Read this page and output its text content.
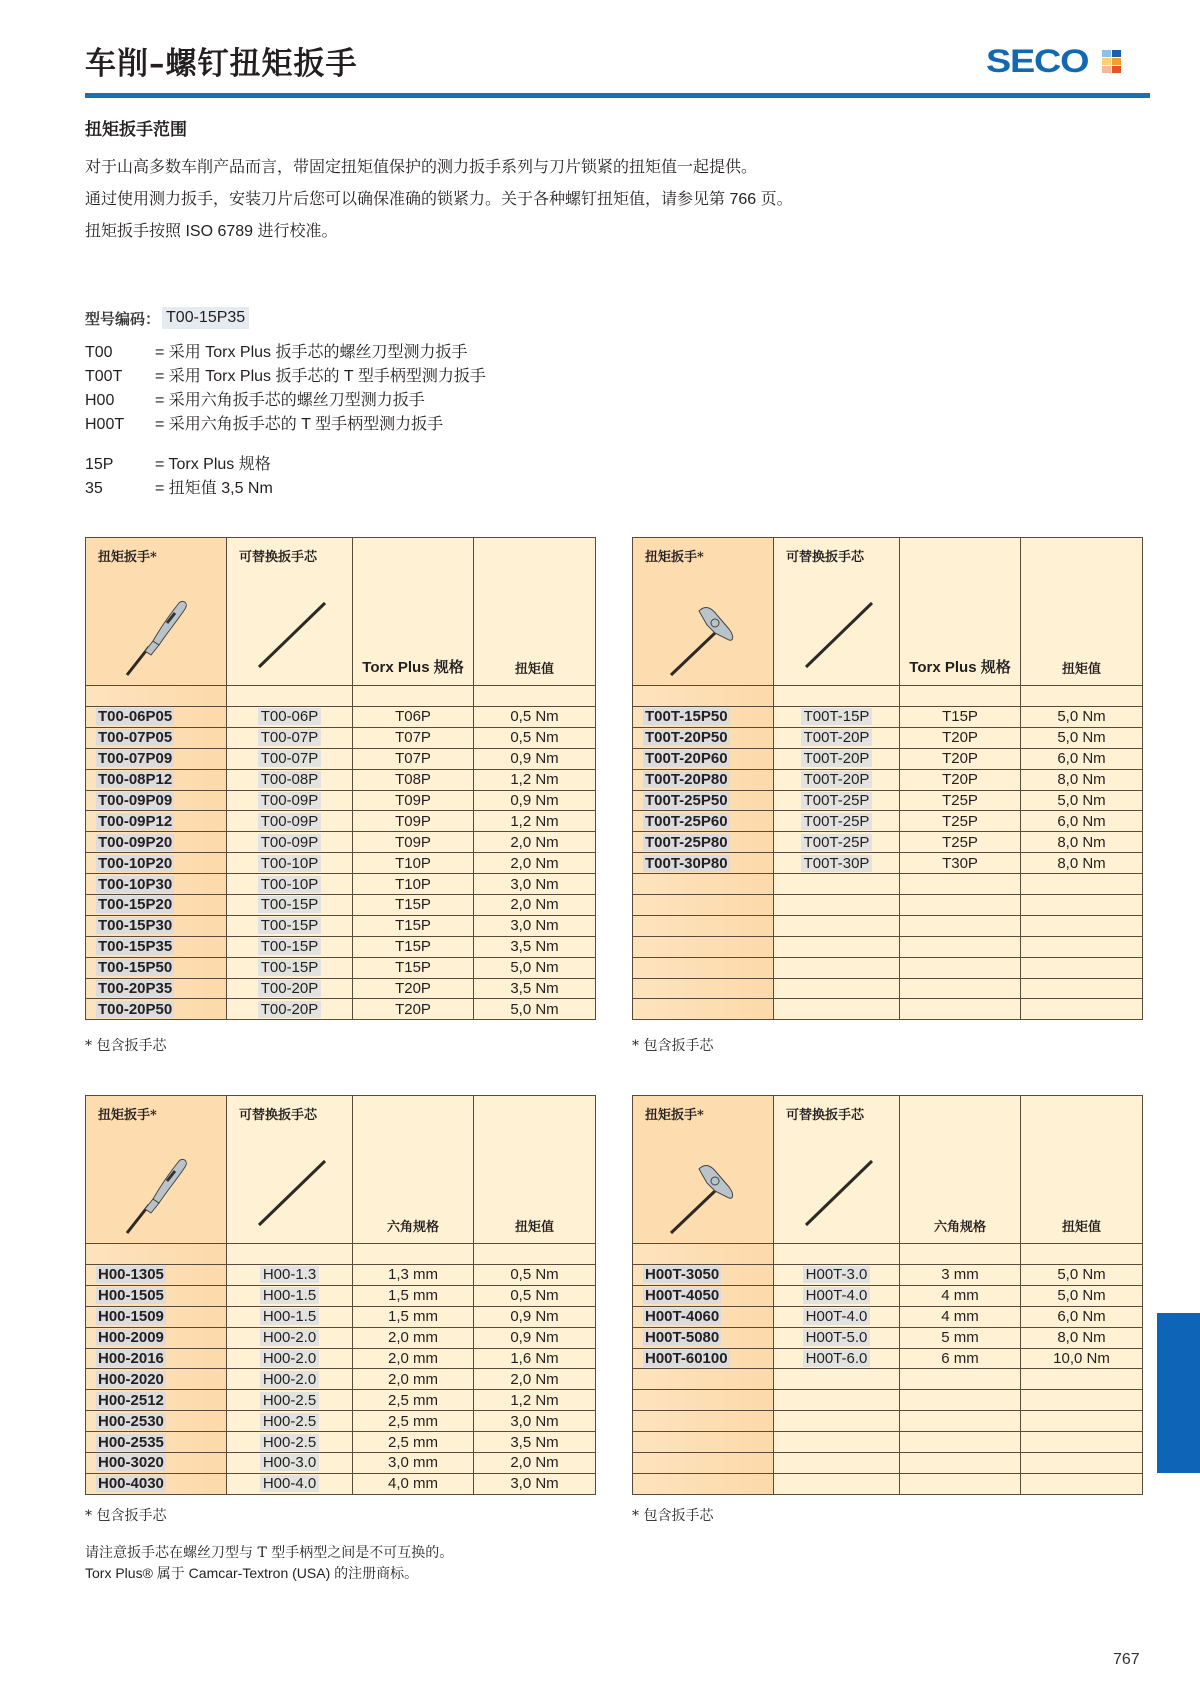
车削–螺钉扭矩扳手	SECO
扭矩扳手范围

对于山高多数车削产品而言，带固定扭矩值保护的测力扳手系列与刀片锁紧的扭矩值一起提供。

通过使用测力扳手，安装刀片后您可以确保准确的锁紧力。关于各种螺钉扭矩值，请参见第 766 页。

扭矩扳手按照 ISO 6789 进行校准。

型号编码： T00-15P35
T00	= 采用 Torx Plus 扳手芯的螺丝刀型测力扳手
T00T	= 采用 Torx Plus 扳手芯的 T 型手柄型测力扳手
H00	= 采用六角扳手芯的螺丝刀型测力扳手
H00T	= 采用六角扳手芯的 T 型手柄型测力扳手
15P	= Torx Plus 规格
35	= 扭矩值 3,5 Nm
扭矩扳手*	可替换扳手芯	Torx Plus 规格	扭矩值

T00-06P05	T00-06P	T06P	0,5 Nm
T00-07P05	T00-07P	T07P	0,5 Nm
T00-07P09	T00-07P	T07P	0,9 Nm
T00-08P12	T00-08P	T08P	1,2 Nm
T00-09P09	T00-09P	T09P	0,9 Nm
T00-09P12	T00-09P	T09P	1,2 Nm
T00-09P20	T00-09P	T09P	2,0 Nm
T00-10P20	T00-10P	T10P	2,0 Nm
T00-10P30	T00-10P	T10P	3,0 Nm
T00-15P20	T00-15P	T15P	2,0 Nm
T00-15P30	T00-15P	T15P	3,0 Nm
T00-15P35	T00-15P	T15P	3,5 Nm
T00-15P50	T00-15P	T15P	5,0 Nm
T00-20P35	T00-20P	T20P	3,5 Nm
T00-20P50	T00-20P	T20P	5,0 Nm
* 包含扳手芯
扭矩扳手*	可替换扳手芯	Torx Plus 规格	扭矩值

T00T-15P50	T00T-15P	T15P	5,0 Nm
T00T-20P50	T00T-20P	T20P	5,0 Nm
T00T-20P60	T00T-20P	T20P	6,0 Nm
T00T-20P80	T00T-20P	T20P	8,0 Nm
T00T-25P50	T00T-25P	T25P	5,0 Nm
T00T-25P60	T00T-25P	T25P	6,0 Nm
T00T-25P80	T00T-25P	T25P	8,0 Nm
T00T-30P80	T00T-30P	T30P	8,0 Nm

* 包含扳手芯
扭矩扳手*	可替换扳手芯	六角规格	扭矩值

H00-1305	H00-1.3	1,3 mm	0,5 Nm
H00-1505	H00-1.5	1,5 mm	0,5 Nm
H00-1509	H00-1.5	1,5 mm	0,9 Nm
H00-2009	H00-2.0	2,0 mm	0,9 Nm
H00-2016	H00-2.0	2,0 mm	1,6 Nm
H00-2020	H00-2.0	2,0 mm	2,0 Nm
H00-2512	H00-2.5	2,5 mm	1,2 Nm
H00-2530	H00-2.5	2,5 mm	3,0 Nm
H00-2535	H00-2.5	2,5 mm	3,5 Nm
H00-3020	H00-3.0	3,0 mm	2,0 Nm
H00-4030	H00-4.0	4,0 mm	3,0 Nm
* 包含扳手芯
扭矩扳手*	可替换扳手芯	六角规格	扭矩值

H00T-3050	H00T-3.0	3 mm	5,0 Nm
H00T-4050	H00T-4.0	4 mm	5,0 Nm
H00T-4060	H00T-4.0	4 mm	6,0 Nm
H00T-5080	H00T-5.0	5 mm	8,0 Nm
H00T-60100	H00T-6.0	6 mm	10,0 Nm

* 包含扳手芯
请注意扳手芯在螺丝刀型与 T 型手柄型之间是不可互换的。
Torx Plus® 属于 Camcar-Textron (USA) 的注册商标。
767
